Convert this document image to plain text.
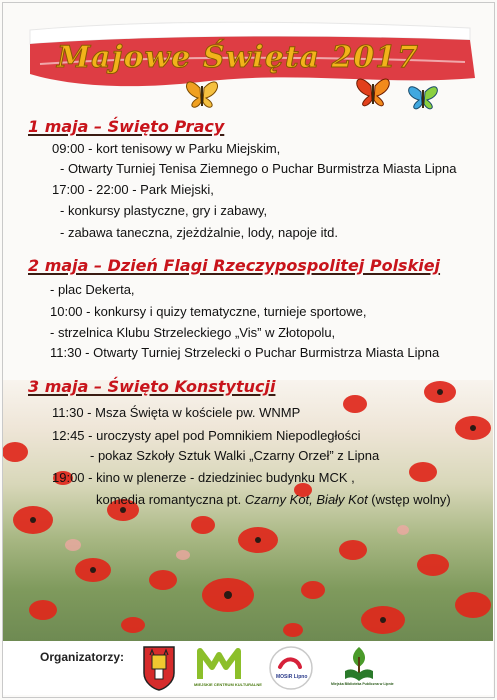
Majowe Święta 2017
1 maja – Święto Pracy
09:00 - kort tenisowy w Parku Miejskim,
- Otwarty Turniej Tenisa Ziemnego o Puchar Burmistrza Miasta Lipna
17:00 - 22:00 - Park Miejski,
- konkursy plastyczne, gry i zabawy,
- zabawa taneczna, zjeżdżalnie, lody, napoje itd.
2 maja – Dzień Flagi Rzeczypospolitej Polskiej
- plac Dekerta,
10:00 - konkursy i quizy tematyczne, turnieje sportowe,
- strzelnica Klubu Strzeleckiego „Vis” w Złotopolu,
11:30 - Otwarty Turniej Strzelecki o Puchar Burmistrza Miasta Lipna
3 maja – Święto Konstytucji
11:30 - Msza Święta w kościele pw. WNMP
12:45 - uroczysty apel pod Pomnikiem Niepodległości
- pokaz Szkoły Sztuk Walki „Czarny Orzeł” z Lipna
19:00 - kino w plenerze - dziedziniec budynku MCK ,
komedia romantyczna pt. Czarny Kot, Biały Kot (wstęp wolny)
Organizatorzy:
MIEJSKIE CENTRUM KULTURALNE
MOSiR Lipno
Miejska Biblioteka Publiczna w Lipnie
